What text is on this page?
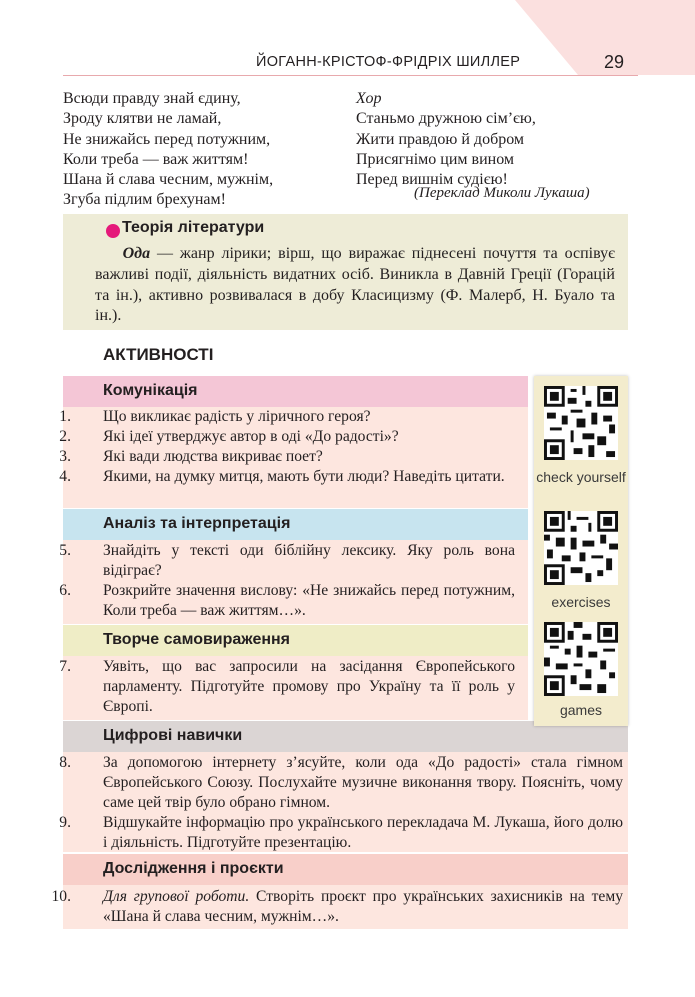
ЙОГАНН-КРІСТОФ-ФРІДРІХ ШИЛЛЕР	29
Всюди правду знай єдину,
Зроду клятви не ламай,
Не знижайсь перед потужним,
Коли треба — важ життям!
Шана й слава чесним, мужнім,
Згуба підлим брехунам!
Хор
Станьмо дружною сім’єю,
Жити правдою й добром
Присягнімо цим вином
Перед вишнім судією!
(Переклад Миколи Лукаша)
Теорія літератури
Ода — жанр лірики; вірш, що виражає піднесені почуття та оспівує важливі події, діяльність видатних осіб. Виникла в Давній Греції (Горацій та ін.), активно розвивалася в добу Класицизму (Ф. Малерб, Н. Буало та ін.).
АКТИВНОСТІ
Комунікація
1. Що викликає радість у ліричного героя?
2. Які ідеї утверджує автор в оді «До радості»?
3. Які вади людства викриває поет?
4. Якими, на думку митця, мають бути люди? Наведіть цитати.
Аналіз та інтерпретація
5. Знайдіть у тексті оди біблійну лексику. Яку роль вона відіграє?
6. Розкрийте значення вислову: «Не знижайсь перед потужним, Коли треба — важ життям…».
Творче самовираження
7. Уявіть, що вас запросили на засідання Європейського парламенту. Підготуйте промову про Україну та її роль у Європі.
Цифрові навички
8. За допомогою інтернету з’ясуйте, коли ода «До радості» стала гімном Європейського Союзу. Послухайте музичне виконання твору. Поясніть, чому саме цей твір було обрано гімном.
9. Відшукайте інформацію про українського перекладача М. Лукаша, його долю і діяльність. Підготуйте презентацію.
Дослідження і проєкти
10. Для групової роботи. Створіть проєкт про українських захисників на тему «Шана й слава чесним, мужнім…».
check yourself
exercises
games
